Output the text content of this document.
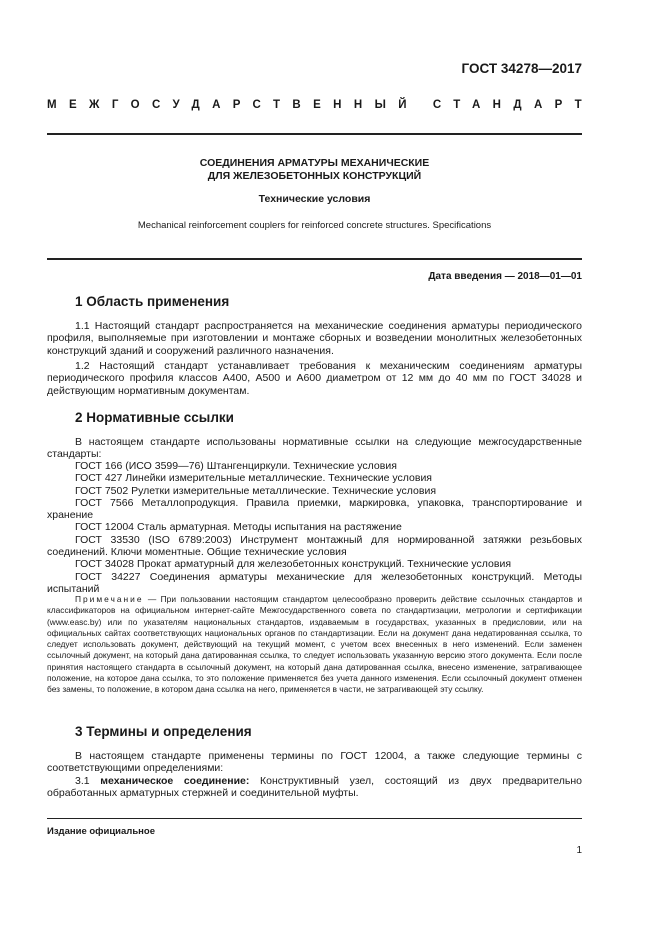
ГОСТ 34278—2017
МЕЖГОСУДАРСТВЕННЫЙ СТАНДАРТ
СОЕДИНЕНИЯ АРМАТУРЫ МЕХАНИЧЕСКИЕ
ДЛЯ ЖЕЛЕЗОБЕТОННЫХ КОНСТРУКЦИЙ
Технические условия
Mechanical reinforcement couplers for reinforced concrete structures. Specifications
Дата введения — 2018—01—01
1 Область применения
1.1 Настоящий стандарт распространяется на механические соединения арматуры периодического профиля, выполняемые при изготовлении и монтаже сборных и возведении монолитных железобетонных конструкций зданий и сооружений различного назначения.
1.2 Настоящий стандарт устанавливает требования к механическим соединениям арматуры периодического профиля классов А400, А500 и А600 диаметром от 12 мм до 40 мм по ГОСТ 34028 и действующим нормативным документам.
2 Нормативные ссылки
В настоящем стандарте использованы нормативные ссылки на следующие межгосударственные стандарты:
ГОСТ 166 (ИСО 3599—76) Штангенциркули. Технические условия
ГОСТ 427 Линейки измерительные металлические. Технические условия
ГОСТ 7502 Рулетки измерительные металлические. Технические условия
ГОСТ 7566 Металлопродукция. Правила приемки, маркировка, упаковка, транспортирование и хранение
ГОСТ 12004 Сталь арматурная. Методы испытания на растяжение
ГОСТ 33530 (ISO 6789:2003) Инструмент монтажный для нормированной затяжки резьбовых соединений. Ключи моментные. Общие технические условия
ГОСТ 34028 Прокат арматурный для железобетонных конструкций. Технические условия
ГОСТ 34227 Соединения арматуры механические для железобетонных конструкций. Методы испытаний
Примечание — При пользовании настоящим стандартом целесообразно проверить действие ссылочных стандартов и классификаторов на официальном интернет-сайте Межгосударственного совета по стандартизации, метрологии и сертификации (www.easc.by) или по указателям национальных стандартов, издаваемым в государствах, указанных в предисловии, или на официальных сайтах соответствующих национальных органов по стандартизации. Если на документ дана недатированная ссылка, то следует использовать документ, действующий на текущий момент, с учетом всех внесенных в него изменений. Если заменен ссылочный документ, на который дана датированная ссылка, то следует использовать указанную версию этого документа. Если после принятия настоящего стандарта в ссылочный документ, на который дана датированная ссылка, внесено изменение, затрагивающее положение, на которое дана ссылка, то это положение применяется без учета данного изменения. Если ссылочный документ отменен без замены, то положение, в котором дана ссылка на него, применяется в части, не затрагивающей эту ссылку.
3 Термины и определения
В настоящем стандарте применены термины по ГОСТ 12004, а также следующие термины с соответствующими определениями:
3.1 механическое соединение: Конструктивный узел, состоящий из двух предварительно обработанных арматурных стержней и соединительной муфты.
Издание официальное
1
